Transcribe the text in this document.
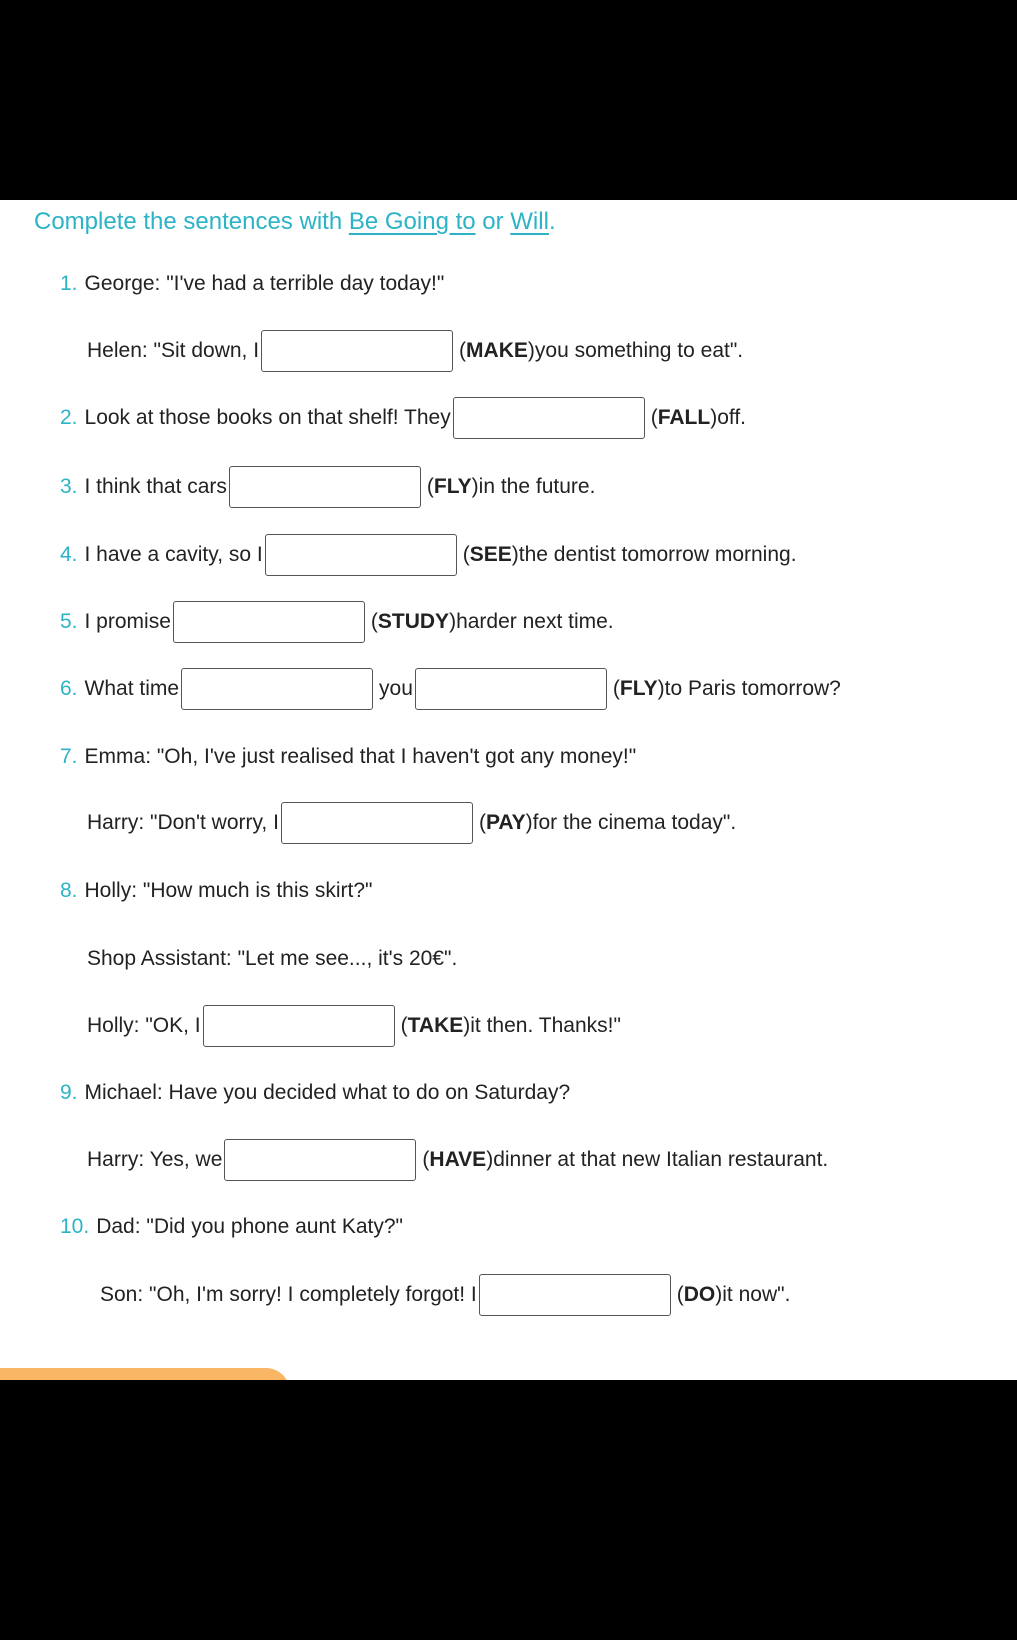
Complete the sentences with Be Going to or Will.
1. George: "I've had a terrible day today!"
Helen: "Sit down, I	(MAKE) you something to eat".
2. Look at those books on that shelf! They	(FALL) off.
3. I think that cars	(FLY) in the future.
4. I have a cavity, so I	(SEE) the dentist tomorrow morning.
5. I promise	(STUDY) harder next time.
6. What time	you	(FLY) to Paris tomorrow?
7. Emma: "Oh, I've just realised that I haven't got any money!"
Harry: "Don't worry, I	(PAY) for the cinema today".
8. Holly: "How much is this skirt?"
Shop Assistant: "Let me see..., it's 20€".
Holly: "OK, I	(TAKE) it then. Thanks!"
9. Michael: Have you decided what to do on Saturday?
Harry: Yes, we	(HAVE) dinner at that new Italian restaurant.
10. Dad: "Did you phone aunt Katy?"
Son: "Oh, I'm sorry! I completely forgot! I	(DO) it now".
